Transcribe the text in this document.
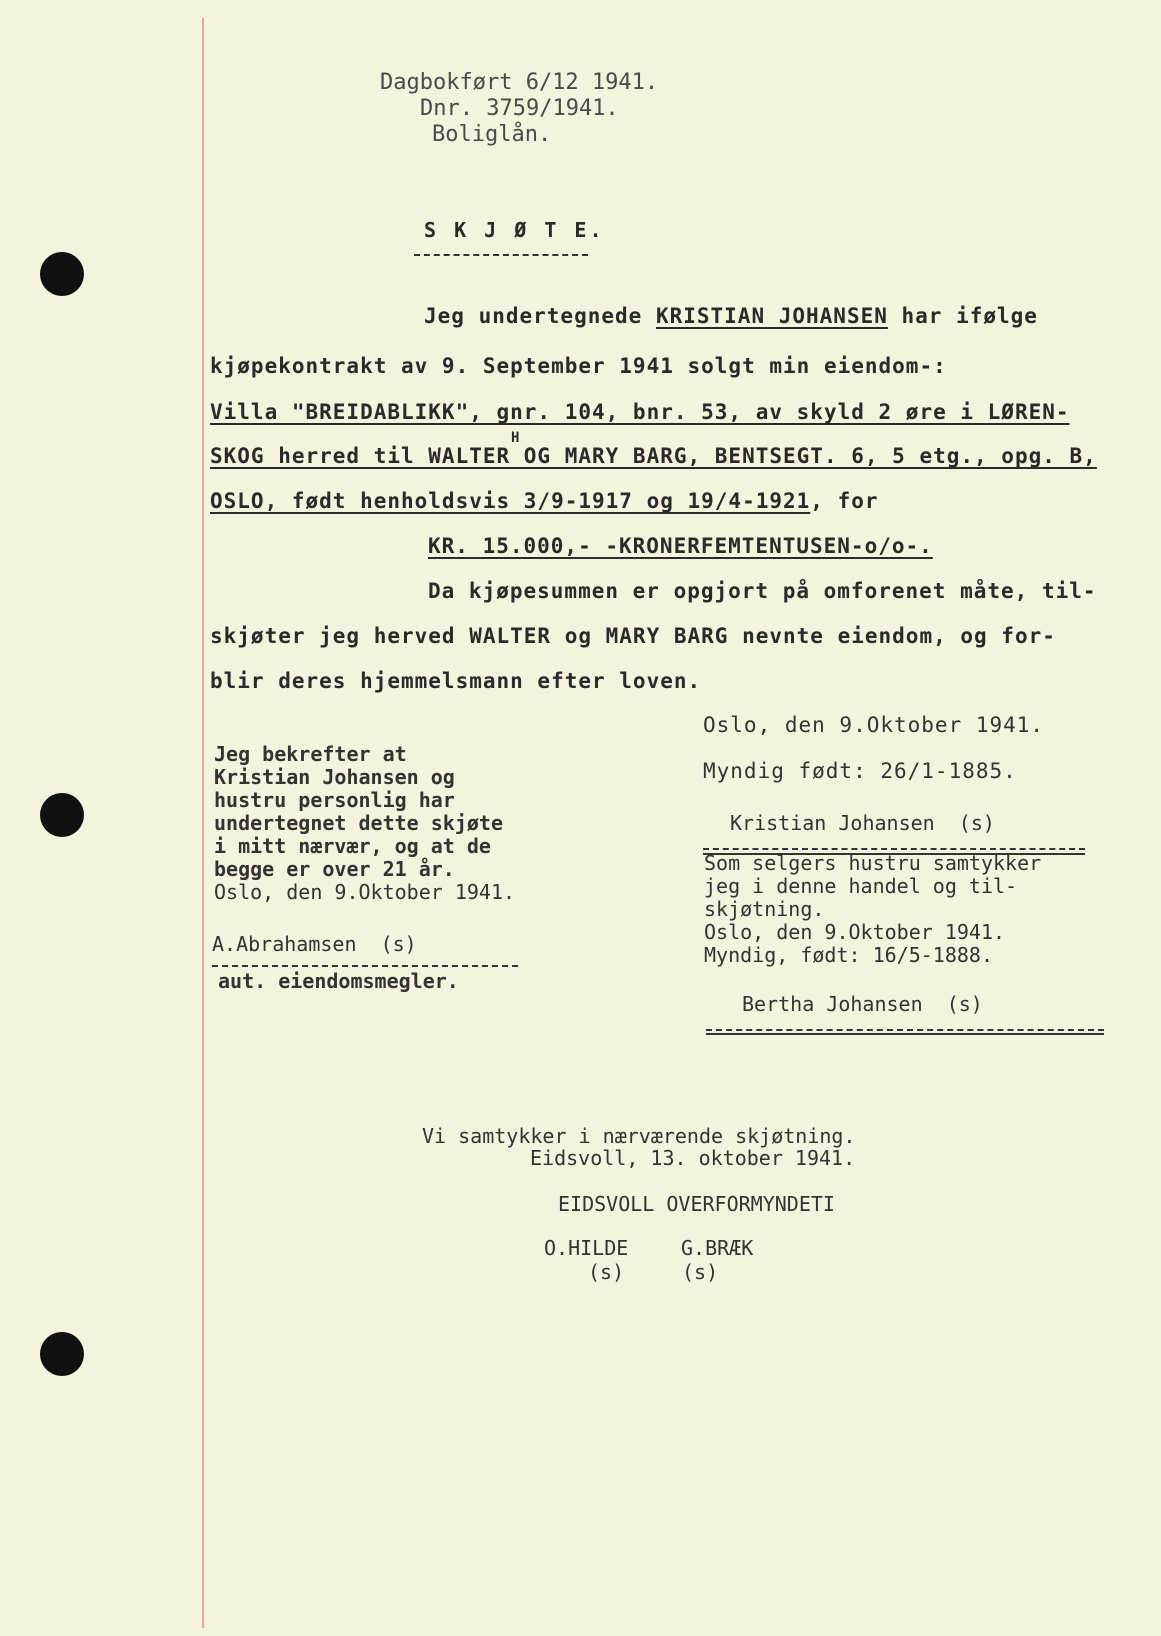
Dagbokført 6/12 1941.
Dnr. 3759/1941.
Boliglån.
S K J Ø T E.
Jeg undertegnede KRISTIAN JOHANSEN har ifølge
kjøpekontrakt av 9. September 1941 solgt min eiendom-:
Villa "BREIDABLIKK", gnr. 104, bnr. 53, av skyld 2 øre i LØREN-
H
SKOG herred til WALTER OG MARY BARG, BENTSEGT. 6, 5 etg., opg. B,
OSLO, født henholdsvis 3/9-1917 og 19/4-1921, for
KR. 15.000,- -KRONERFEMTENTUSEN-o/o-.
Da kjøpesummen er opgjort på omforenet måte, til-
skjøter jeg herved WALTER og MARY BARG nevnte eiendom, og for-
blir deres hjemmelsmann efter loven.
Oslo, den 9.Oktober 1941.
Myndig født: 26/1-1885.
Kristian Johansen  (s)
Som selgers hustru samtykker
jeg i denne handel og til-
skjøtning.
Oslo, den 9.Oktober 1941.
Myndig, født: 16/5-1888.
Bertha Johansen  (s)
Jeg bekrefter at
Kristian Johansen og
hustru personlig har
undertegnet dette skjøte
i mitt nærvær, og at de
begge er over 21 år.
Oslo, den 9.Oktober 1941.
A.Abrahamsen  (s)
aut. eiendomsmegler.
Vi samtykker i nærværende skjøtning.
Eidsvoll, 13. oktober 1941.
EIDSVOLL OVERFORMYNDETI
O.HILDE	G.BRÆK
(s)	(s)
